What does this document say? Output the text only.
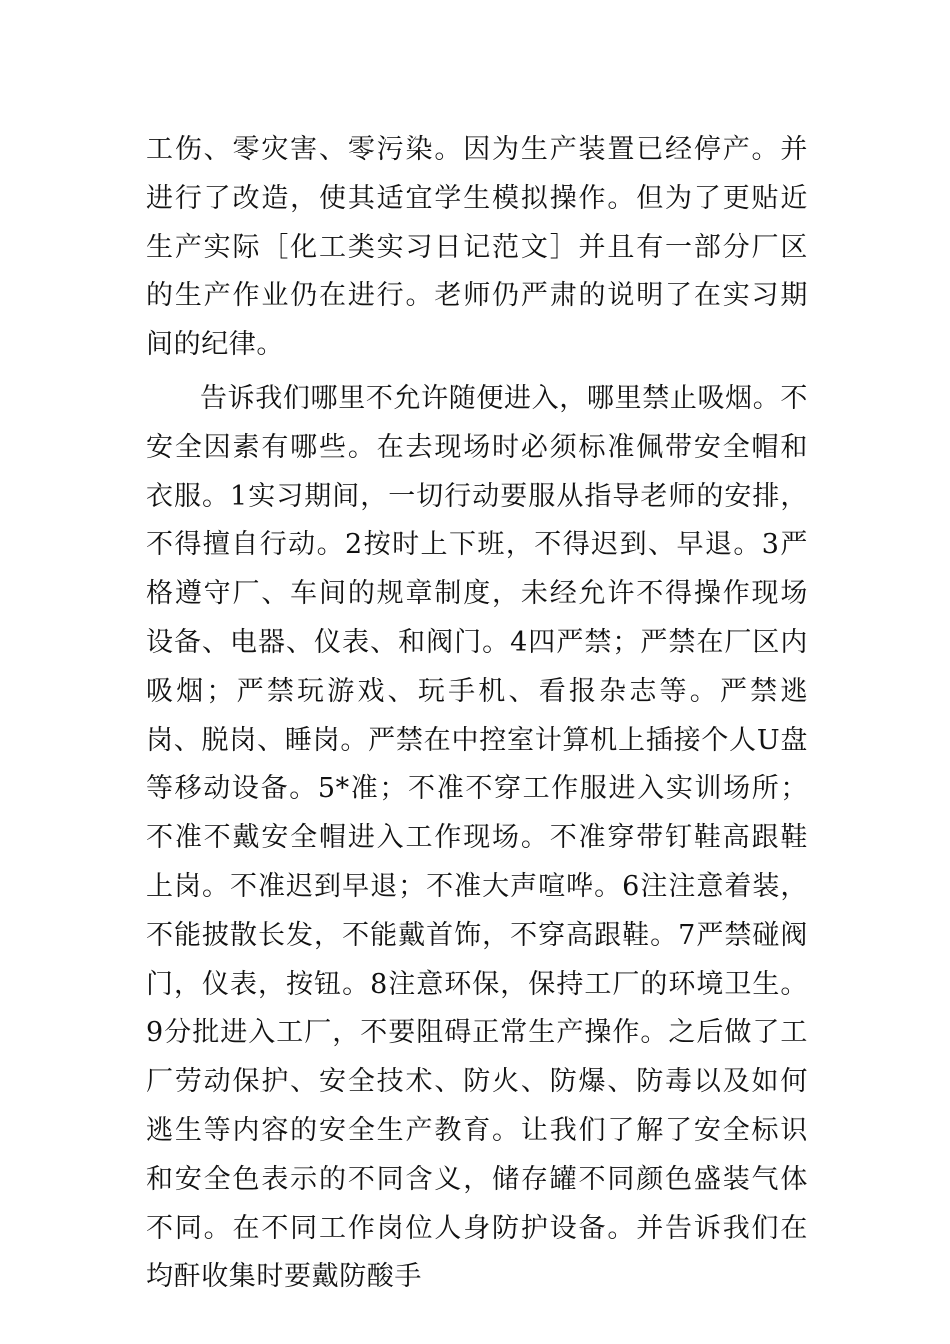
工伤、零灾害、零污染。因为生产装置已经停产。并进行了改造，使其适宜学生模拟操作。但为了更贴近生产实际［化工类实习日记范文］并且有一部分厂区的生产作业仍在进行。老师仍严肃的说明了在实习期间的纪律。

告诉我们哪里不允许随便进入，哪里禁止吸烟。不安全因素有哪些。在去现场时必须标准佩带安全帽和衣服。1实习期间，一切行动要服从指导老师的安排，不得擅自行动。2按时上下班，不得迟到、早退。3严格遵守厂、车间的规章制度，未经允许不得操作现场设备、电器、仪表、和阀门。4四严禁；严禁在厂区内吸烟；严禁玩游戏、玩手机、看报杂志等。严禁逃岗、脱岗、睡岗。严禁在中控室计算机上插接个人U盘等移动设备。5*准；不准不穿工作服进入实训场所；不准不戴安全帽进入工作现场。不准穿带钉鞋高跟鞋上岗。不准迟到早退；不准大声喧哗。6注注意着装，不能披散长发，不能戴首饰，不穿高跟鞋。7严禁碰阀门，仪表，按钮。8注意环保，保持工厂的环境卫生。9分批进入工厂，不要阻碍正常生产操作。之后做了工厂劳动保护、安全技术、防火、防爆、防毒以及如何逃生等内容的安全生产教育。让我们了解了安全标识和安全色表示的不同含义，储存罐不同颜色盛装气体不同。在不同工作岗位人身防护设备。并告诉我们在均酐收集时要戴防酸手
